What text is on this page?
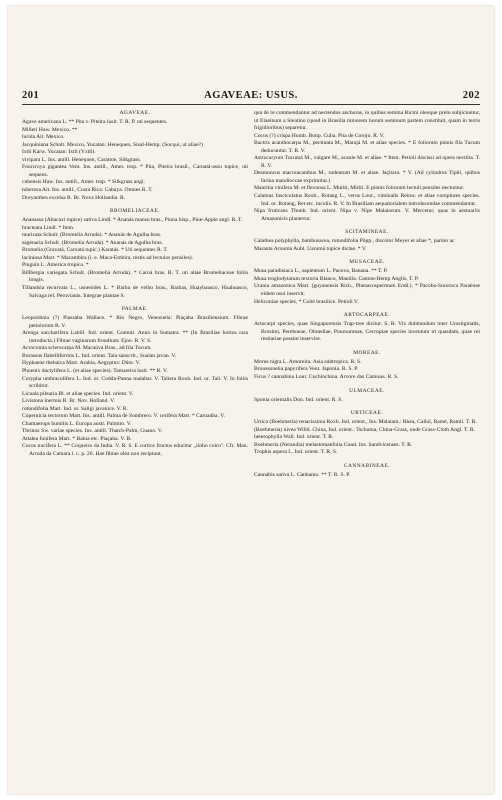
201	AGAVEAE: USUS.	202
AGAVEAE.

Agave americana L. ** Pita v. Piteira lusit. T. R. P. uti sequentes.

Milleri Haw. Mexico. **

lurida Ait. Mexico.

Jacquiniana Schult. Mexico, Yucatan: Henequen, Sisal-Hemp. (Socqui, ut aliae?)

Ixtli Karw. Yucatan: Ixtli (Yxtli).

vivipara L. Ins. antill. Henequen, Carattoe, Silkgrass.

Fourcroya gigantea Vent. Ins. antill., Amer. trop. * Pita, Piteira brasil., Caroatá-assu tupice, uti sequens.

cubensis Haw. Ins. antill., Amer. trop. * Silkgrass angl.

tuberosa Ait. Ins. antill., Costa Rica: Cabuya. Omnes R. T.

Doryanthes excelsa R. Br. Nova Hollandia. R.

BROMELIACEAE.

Ananassa (Abacaxi tupice) sativa Lindl. * Ananás manso bras., Pinna hisp., Pine-Apple angl. R. T.

bracteata Lindl. * Item.

muricata Schult. (Bromelia Arruda). * Ananás de Agulha bras.

sagenaria Schult. (Bromelia Arruda). * Ananás de Agulha bras.

Bromelia (Gravatá, Caroatá tupic.) Karatás. * Uti sequentes R. T.

laciniosa Mart. * Macambira (i. e. Maca-Embira, restis ad lectulos pensiles).

Pinguin L. America tropica. *

Billbergia variegata Schult. (Bromelia Arruda). * Caroá bras. R. T. uti aliae Bromeliaceae foliis longis.

Tillandsia recurvata L., usneoides L. * Barba de velho bras., Barbas, Huaybausco, Huahuasco, Salvaga rel. Peruvianis. Integrae plantae S.

PALMAE.

Leopoldinia (?) Piassaba Wallace. * Rio Negro, Venezuela: Piaçaba Brasiliensium. Fibrae petiolorum R. V.

Arenga saccharifera Labill. Ind. orient. Gomuti. Anno in Sumatra. ** (In Brasiliae hortos rara introducta.) Fibrae vaginarum frondium: Ejoo. R. V. S.

Acrocomia sclerocarpa M. Macaúva Bras., ad fila Tucum.

Borassus flabelliformis L. Ind. orient. Tala sanscrit., Sualan javan. V.

Hyphaene thebaica Mart. Arabia, Aegyptus: Dûm. V.

Phoenix dactylifera L. (et aliae species). Tamareira lusit. ** R. V.

Corypha umbraculifera L. Ind. or. Codda-Panna malabar. V. Taliera Roxb. Ind. or. Tali. V. In foliis scribitur.

Licuala pileariа Bl. et aliae species. Ind. orient. V.

Livistona inermis R. Br. Nov. Holland. V.

rotundifolia Mart. Ind. or. Saligi javanice. V. R.

Copernicia tectorum Mart. Ins. antill. Palma de Sombrero. V. cerifera Mart. * Carnaúba. V.

Chamaerops humilis L. Europa austr. Palmito. V.

Thrinax Sw. variae species. Ins. antill. Thatch-Palm, Guano. V.

Attalea funifera Mart. * Bahia etc. Piaçaba. V. R.

Cocos nucifera L. ** Coqueiro da India. V. R. S. E cortice fructus educitur „linho coiro". Cfr. Man. Arruda da Camara l. c. p. 26. Hae fibrae olea non recipiunt,

qua de re commendantur ad nectendos anchoras, in quibus semina Ricini oleoque prelo subjiciuntur, ut Elaeinum a Steatino (quod in Brasilia minorem horum seminum partem constituit, quam in terris frigidioribus) separetur.

Cocos (?) crispa Humb. Bonp. Cuba. Pita de Corojo. R. V.

Bactris acanthocarpa M., pectinata M., Marajá M. et aliae species. * E foliorum pinnis fila Tucum deducuntur. T. R. V.

Astrocaryum Tucumá M., vulgare M., acaule M. et aliae. * Item. Petioli discissi ad opera nectilia. T. R. V.

Desmoncus macroacanthus M., rudentum M. et aliae. Jaçitara. * V. (Ad cylindros Tipiti, quibus farina mandioccae exprimitur.)

Mauritia vinifera M. et flexuosa L. Muriti, Miriti. E pinnis foliorum lectuli pensiles nectuntur.

Calamus fasciculatus Roxb., Rotang L., verus Lour., viminalis Reinw. et aliae complures species. Ind. or. Rotang, Ret etc. incolis. R. V. In Brasiliam aequatorialem introducendae commendantur.

Nipa fruticans Thunb. Ind. orient. Nipa v. Nipe Malaiorum. V. Mercetur, quas in aestuariis Amazonicis planteтur.

SCITAMINEAE.

Calathea polyphylla, bambusacea, rotundifolia Pöpp., discolor Meyer et aliae *, pariter ac

Maranta Arouma Aubl. Uarumá tupice dictae. * V.

MUSACEAE.

Musa paradisiaca L., sapientum L. Pacova, Banana. ** T. P.

Musa troglodytarum textoria Blanco, Manilla. Canton-Hemp Anglis. T. P.

Urania amazonica Mart. (guyanensis Rich., Phenacospermum Endl.). * Pacoba-Sororoca Paraënse eidem usui inservit.

Heliconiae species, * Coité brasilice. Petioli V.

ARTOCARPEAE.

Artocarpi species, quae Singaporensis Trap-tree dicitur. S. R. Vix dubitandum inter Urostigmatis, Brosimi, Pereboeae, Olmediae, Pourounmae, Cecropiae species inventum iri quasdam, quae rei restiariae possint inservire.

MOREAE.

Morus nigra L. Amoreira. Asia subtropica. R. S.

Broussonetia papyrifera Vent. Japonia. R. S. P.

Ficus ? cannabina Lour. Cochinchina. Arvore das Camisas. R. S.

ULMACEAE.

Sponia orientalis Don. Ind. orient. R. S.

URTICEAE.

Urtica (Boehmeria) tenacissima Roxb. Ind. orient., Ins. Malaiam.: Rhea, Calluï, Ramé, Ramii. T. R.

(Boehmeria) nivea Willd. China, Ind. orient.: Tschuma, China-Grass, unde Grass-Cloth Angl. T. R.

heterophylla Wall. Ind. orient. T. R.

Boehmeria (Neraudia) melastomaefolia Gaud. Ins. Sandvicenses. T. R.

Trophis aspera L. Ind. orient. T. R. S.

CANNABINEAE.

Cannabis sativa L. Canhamo. ** T. R. S. P.
